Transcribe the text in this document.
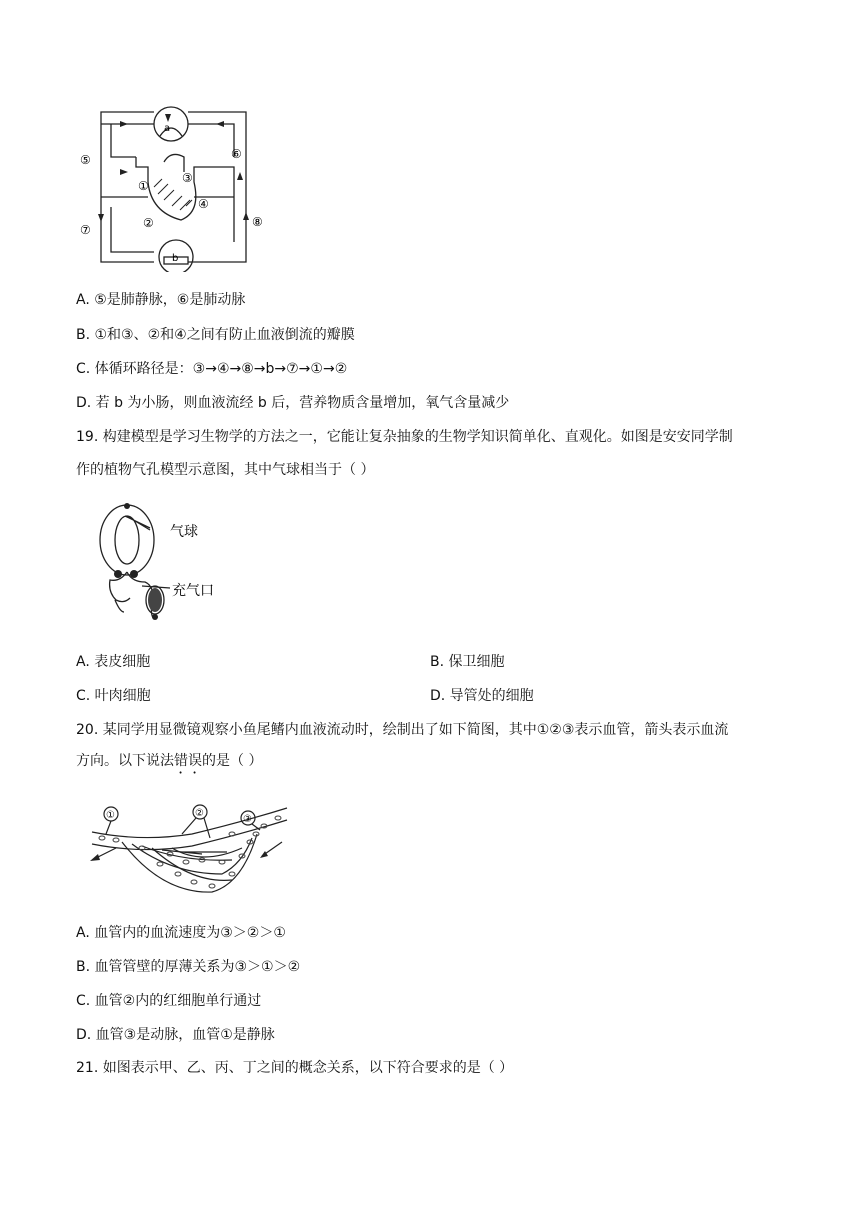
a
b
①
②
③
④
⑤	⑥
⑦
⑧
A. ⑤是肺静脉，⑥是肺动脉
B. ①和③、②和④之间有防止血液倒流的瓣膜
C. 体循环路径是：③→④→⑧→b→⑦→①→②
D. 若 b 为小肠，则血液流经 b 后，营养物质含量增加，氧气含量减少
19. 构建模型是学习生物学的方法之一，它能让复杂抽象的生物学知识简单化、直观化。如图是安安同学制
作的植物气孔模型示意图，其中气球相当于（ ）
气球
充气口
A. 表皮细胞	B. 保卫细胞
C. 叶肉细胞	D. 导管处的细胞
20. 某同学用显微镜观察小鱼尾鳍内血液流动时，绘制出了如下简图，其中①②③表示血管，箭头表示血流
方向。以下说法错误的是（ ）
①	②
③
A. 血管内的血流速度为③＞②＞①
B. 血管管壁的厚薄关系为③＞①＞②
C. 血管②内的红细胞单行通过
D. 血管③是动脉，血管①是静脉
21. 如图表示甲、乙、丙、丁之间的概念关系，以下符合要求的是（ ）
